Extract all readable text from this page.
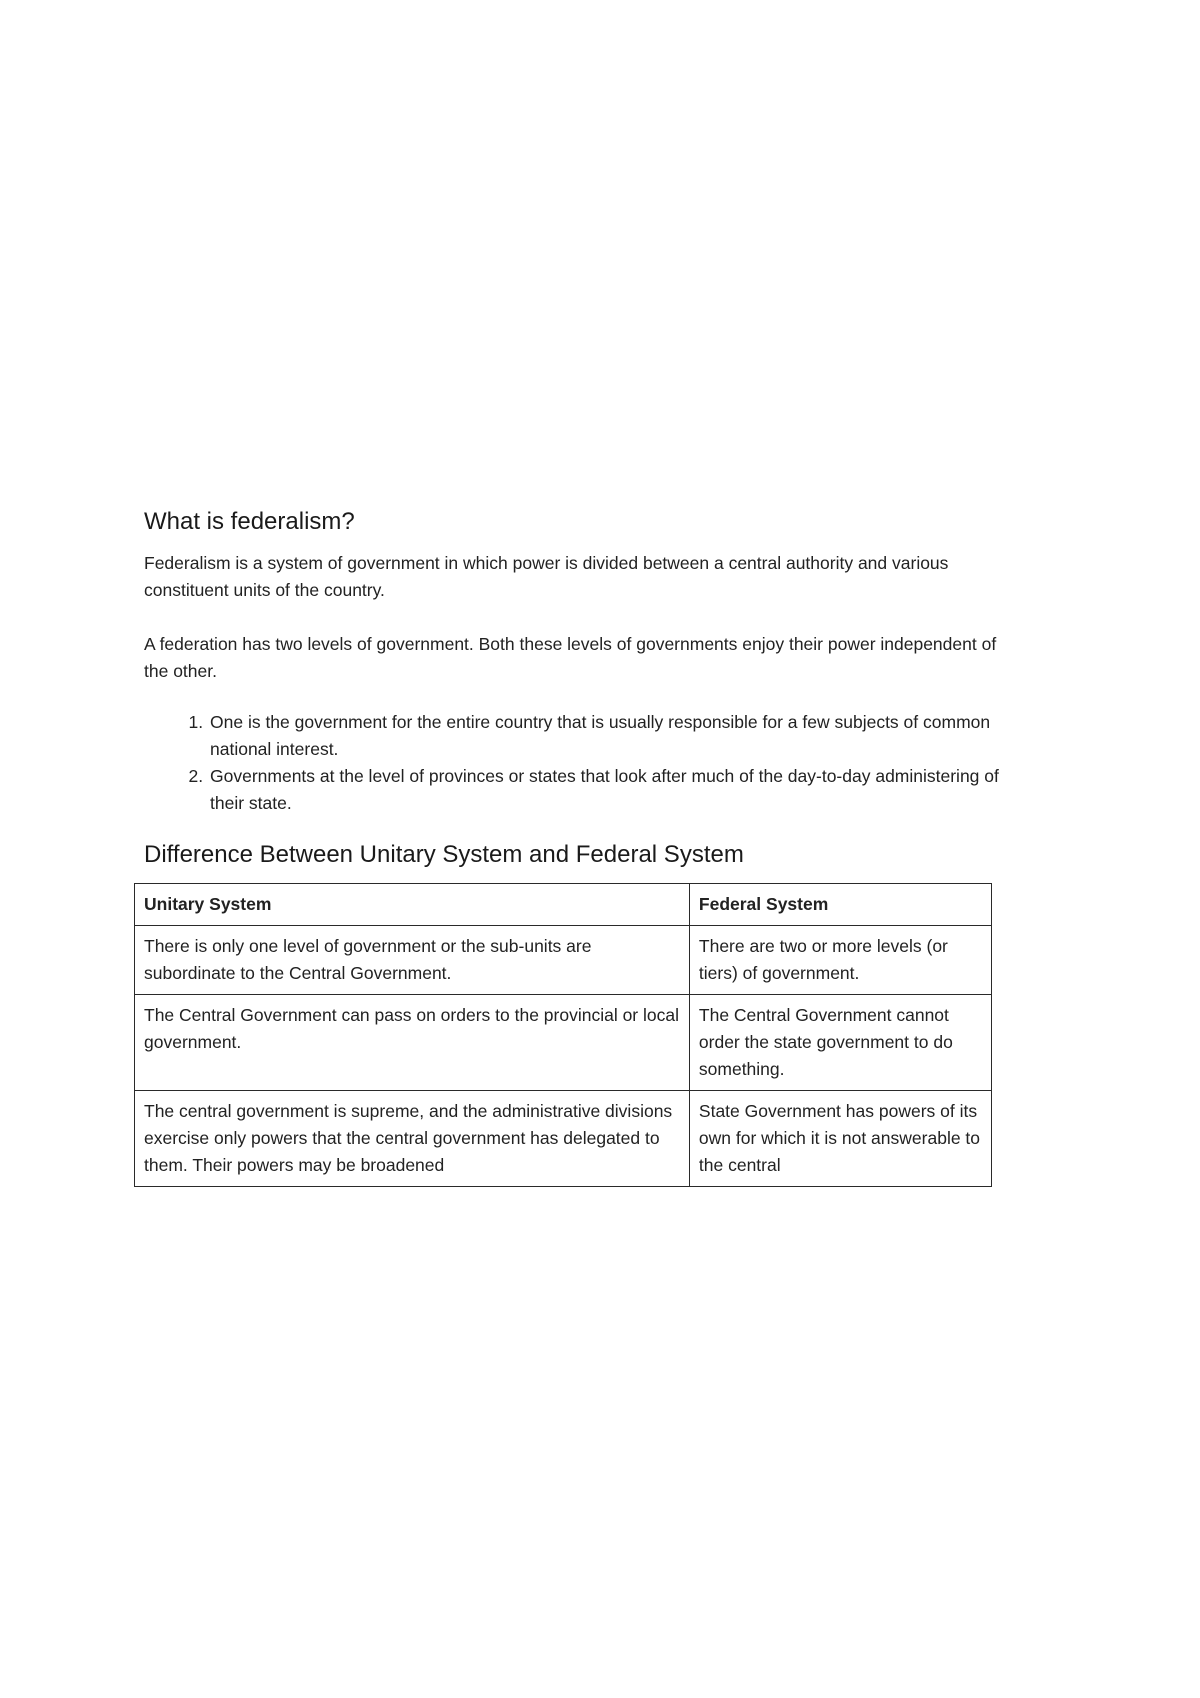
What is federalism?

Federalism is a system of government in which power is divided between a central authority and various constituent units of the country.

A federation has two levels of government. Both these levels of governments enjoy their power independent of the other.

1. One is the government for the entire country that is usually responsible for a few subjects of common national interest.
2. Governments at the level of provinces or states that look after much of the day-to-day administering of their state.
Difference Between Unitary System and Federal System
Unitary System	Federal System
There is only one level of government or the sub-units are subordinate to the Central Government.	There are two or more levels (or tiers) of government.
The Central Government can pass on orders to the provincial or local government.	The Central Government cannot order the state government to do something.
The central government is supreme, and the administrative divisions exercise only powers that the central government has delegated to them. Their powers may be broadened	State Government has powers of its own for which it is not answerable to the central
